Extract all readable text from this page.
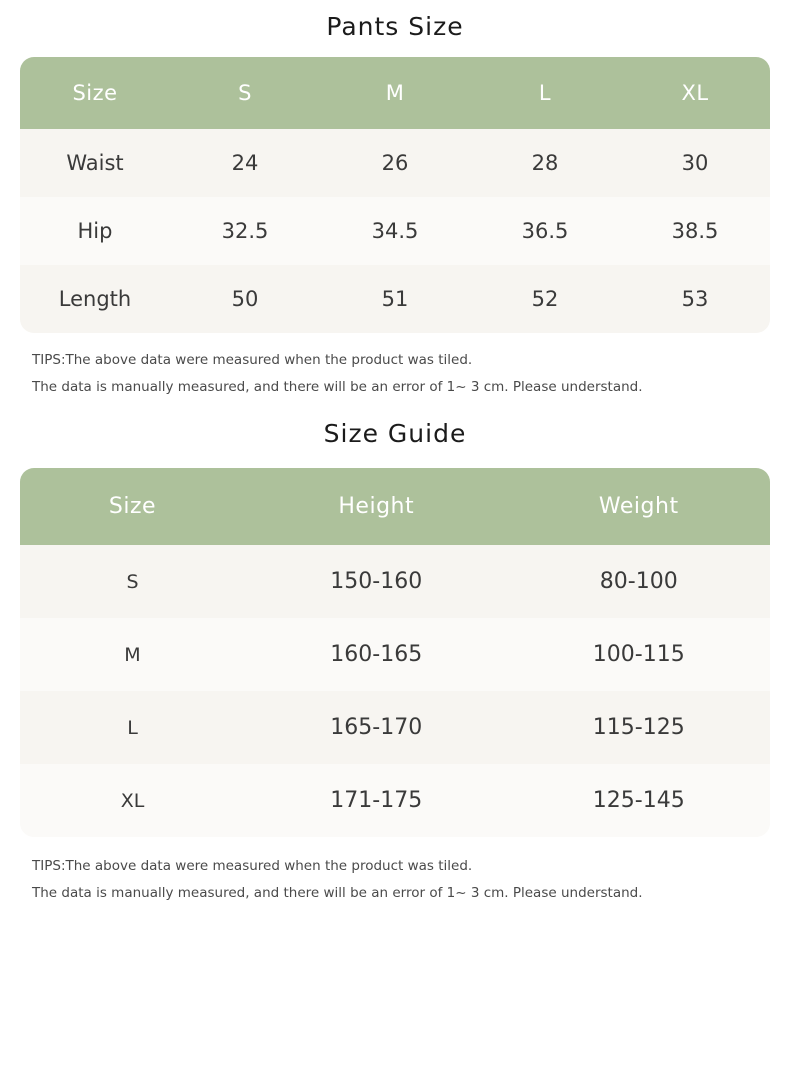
Pants Size
Size	S	M	L	XL
Waist	24	26	28	30
Hip	32.5	34.5	36.5	38.5
Length	50	51	52	53
TIPS:The above data were measured when the product was tiled.
The data is manually measured, and there will be an error of 1~ 3 cm. Please understand.
Size Guide
Size	Height	Weight
S	150-160	80-100
M	160-165	100-115
L	165-170	115-125
XL	171-175	125-145
TIPS:The above data were measured when the product was tiled.
The data is manually measured, and there will be an error of 1~ 3 cm. Please understand.
